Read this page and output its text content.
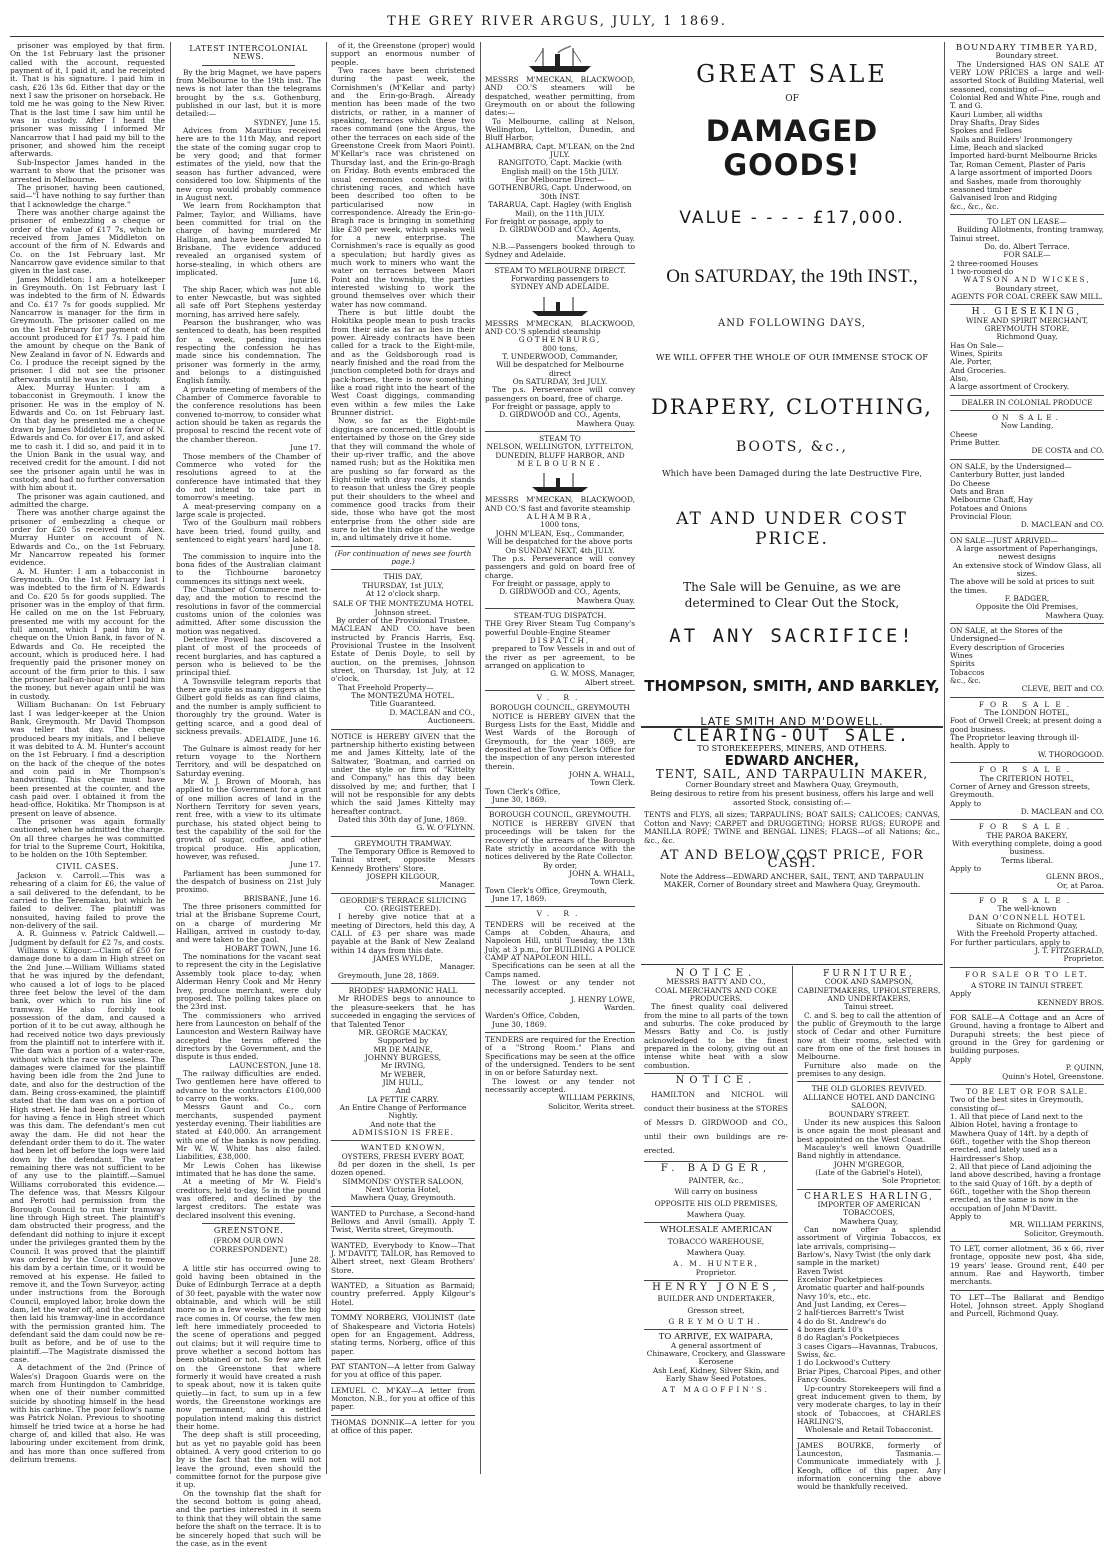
THE GREY RIVER ARGUS, JULY, 1 1869.

prisoner was employed by that firm. On the 1st February last the prisoner called with the account, requested payment of it, I paid it, and he receipted it. That is his signature. I paid him in cash, £26 13s 6d. Either that day or the next I saw the prisoner on horseback. He told me he was going to the New River. That is the last time I saw him until he was in custody. After I heard the prisoner was missing I informed Mr Nancarrow that I had paid my bill to the prisoner, and showed him the receipt afterwards.

Sub-Inspector James handed in the warrant to show that the prisoner was arrested in Melbourne.

The prisoner, having been cautioned, said—"I have nothing to say further than that I acknowledge the charge."

There was another charge against the prisoner of embezzling a cheque or order of the value of £17 7s, which he received from James Middleton on account of the firm of N. Edwards and Co. on the 1st February last. Mr Nancarrow gave evidence similar to that given in the last case.

James Middleton: I am a hotelkeeper in Greymouth. On 1st February last I was indebted to the firm of N. Edwards and Co. £17 7s for goods supplied. Mr Nancarrow is manager for the firm in Greymouth. The prisoner called on me on the 1st February for payment of the account produced for £17 7s. I paid him the amount by cheque on the Bank of New Zealand in favor of N. Edwards and Co. I produce the receipt signed by the prisoner. I did not see the prisoner afterwards until he was in custody.

Alex. Murray Hunter: I am a tobacconist in Greymouth. I know the prisoner. He was in the employ of N. Edwards and Co. on 1st February last. On that day he presented me a cheque drawn by James Middleton in favor of N. Edwards and Co. for over £17, and asked me to cash it. I did so, and paid it in to the Union Bank in the usual way, and received credit for the amount. I did not see the prisoner again until he was in custody, and had no further conversation with him about it.

The prisoner was again cautioned, and admitted the charge.

There was another charge against the prisoner of embezzling a cheque or order for £20 5s received from Alex. Murray Hunter on account of N. Edwards and Co., on the 1st February. Mr Nancarrow repeated his former evidence.

A. M. Hunter: I am a tobacconist in Greymouth. On the 1st February last I was indebted to the firm of N. Edwards and Co. £20 5s for goods supplied. The prisoner was in the employ of that firm. He called on me on the 1st February, presented me with my account for the full amount, which I paid him by a cheque on the Union Bank, in favor of N. Edwards and Co. He receipted the account, which is produced here. I had frequently paid the prisoner money on account of the firm prior to this. I saw the prisoner half-an-hour after I paid him the money, but never again until he was in custody.

William Buchanan: On 1st February last I was ledger-keeper at the Union Bank, Greymouth. Mr David Thompson was teller that day. The cheque produced bears my initials, and I believe it was debited to A. M. Hunter's account on the 1st February. I find a description on the back of the cheque of the notes and coin paid in Mr Thompson's handwriting. This cheque must have been presented at the counter, and the cash paid over. I obtained it from the head-office, Hokitika. Mr Thompson is at present on leave of absence.

The prisoner was again formally cautioned, when he admitted the charge. On all three charges he was committed for trial to the Supreme Court, Hokitika, to be holden on the 10th September.

CIVIL CASES.

Jackson v. Carroll.—This was a rehearing of a claim for £6, the value of a sail delivered to the defendant, to be carried to the Teremakau, but which he failed to deliver. The plaintiff was nonsuited, having failed to prove the non-delivery of the sail.

A. R. Guinness v. Patrick Caldwell.—Judgment by default for £2 7s, and costs.

Williams v. Kilgour.—Claim of £50 for damage done to a dam in High street on the 2nd June.—William Williams stated that he was injured by the defendant, who caused a lot of logs to be placed three feet below the level of the dam bank, over which to run his line of tramway. He also forcibly took possession of the dam, and caused a portion of it to be cut away, although he had received notice two days previously from the plaintiff not to interfere with it. The dam was a portion of a water-race, without which the race was useless. The damages were claimed for the plaintiff having been idle from the 2nd June to date, and also for the destruction of the dam. Being cross-examined, the plaintiff stated that the dam was on a portion of High street. He had been fined in Court for having a fence in High street which was this dam. The defendant's men cut away the dam. He did not hear the defendant order them to do it. The water had been let off before the logs were laid down by the defendant. The water remaining there was not sufficient to be of any use to the plaintiff.—Samuel Williams corroborated this evidence.—The defence was, that Messrs Kilgour and Perotti had permission from the Borough Council to run their tramway line through High street. The plaintiff's dam obstructed their progress, and the defendant did nothing to injure it except under the privileges granted them by the Council. It was proved that the plaintiff was ordered by the Council to remove his dam by a certain time, or it would be removed at his expense. He failed to remove it, and the Town Surveyor, acting under instructions from the Borough Council, employed labor, broke down the dam, let the water off, and the defendant then laid his tramway-line in accordance with the permission granted him. The defendant said the dam could now be re-built as before, and be of use to the plaintiff.—The Magistrate dismissed the case.

A detachment of the 2nd (Prince of Wales's) Dragoon Guards were on the march from Huntingdon to Cambridge, when one of their number committed suicide by shooting himself in the head with his carbine. The poor fellow's name was Patrick Nolan. Previous to shooting himself he tried twice at a horse he had charge of, and killed that also. He was labouring under excitement from drink, and has more than once suffered from delirium tremens.

LATEST INTERCOLONIAL NEWS.

By the brig Magnet, we have papers from Melbourne to the 19th inst. The news is not later than the telegrams brought by the s.s. Gothenburg, published in our last, but it is more detailed:—

SYDNEY, June 15.

Advices from Mauritius received here are to the 11th May, and report the state of the coming sugar crop to be very good; and that former estimates of the yield, now that the season has further advanced, were considered too low. Shipments of the new crop would probably commence in August next.

We learn from Rockhampton that Palmer, Taylor, and Williams, have been committed for trial on the charge of having murdered Mr Halligan, and have been forwarded to Brisbane. The evidence adduced revealed an organised system of horse-stealing, in which others are implicated.

June 16.

The ship Racer, which was not able to enter Newcastle, but was sighted all safe off Port Stephens yesterday morning, has arrived here safely.

Pearson the bushranger, who was sentenced to death, has been respited for a week, pending inquiries respecting the confession he has made since his condemnation. The prisoner was formerly in the army, and belongs to a distinguished English family.

A private meeting of members of the Chamber of Commerce favorable to the conference resolutions has been convened to-morrow, to consider what action should be taken as regards the proposal to rescind the recent vote of the chamber thereon.

June 17.

Those members of the Chamber of Commerce who voted for the resolutions agreed to at the conference have intimated that they do not intend to take part in tomorrow's meeting.

A meat-preserving company on a large scale is projected.

Two of the Goulburn mail robbers have been tried, found guilty, and sentenced to eight years' hard labor.

June 18.

The commission to inquire into the bona fides of the Australian claimant to the Tichbourne baronetcy commences its sittings next week.

The Chamber of Commerce met to-day, and the motion to rescind the resolutions in favor of the commercial customs union of the colonies was admitted. After some discussion the motion was negatived.

Detective Powell has discovered a plant of most of the proceeds of recent burglaries, and has captured a person who is believed to be the principal thief.

A Townsville telegram reports that there are quite as many diggers at the Gilbert gold fields as can find claims, and the number is amply sufficient to thoroughly try the ground. Water is getting scarce, and a good deal of sickness prevails.

ADELAIDE, June 16.

The Gulnare is almost ready for her return voyage to the Northern Territory, and will be despatched on Saturday evening.

Mr W. J. Brown of Moorah, has applied to the Government for a grant of one million acres of land in the Northern Territory for seven years, rent free, with a view to its ultimate purchase, his stated object being to test the capability of the soil for the growth of sugar, coffee, and other tropical produce. His application, however, was refused.

June 17.

Parliament has been summoned for the despatch of business on 21st July proximo.

BRISBANE, June 16.

The three prisoners committed for trial at the Brisbane Supreme Court, on a charge of murdering Mr Halligan, arrived in custody to-day, and were taken to the gaol.

HOBART TOWN, June 16.

The nominations for the vacant seat to represent the city in the Legislative Assembly took place to-day, when Alderman Henry Cook and Mr Henry Ivey, produce merchant, were duly proposed. The polling takes place on the 23rd inst.

The commissioners who arrived here from Launceston on behalf of the Launceston and Western Railway have accepted the terms offered the directors by the Government, and the dispute is thus ended.

LAUNCESTON, June 18.

The railway difficulties are ended. Two gentlemen here have offered to advance to the contractors £100,000 to carry on the works.

Messrs Gaunt and Co., corn merchants, suspended payment yesterday evening. Their liabilities are stated at £40,000. An arrangement with one of the banks is now pending. Mr W. W. White has also failed. Liabilities, £38,000.

Mr Lewis Cohen has likewise intimated that he has done the same.

At a meeting of Mr W. Field's creditors, held to-day, 5s in the pound was offered, and declined by the largest creditors. The estate was declared insolvent this evening.

GREENSTONE.
(FROM OUR OWN CORRESPONDENT.)
June 28.

A little stir has occurred owing to gold having been obtained in the Duke of Edinburgh Terrace at a depth of 30 feet, payable with the water now obtainable, and which will be still more so in a few weeks when the big race comes in. Of course, the few men left here immediately proceeded to the scene of operations and pegged out claims; but it will require time to prove whether a second bottom has been obtained or not. So few are left on the Greenstone that where formerly it would have created a rush to speak about, now it is taken quite quietly—in fact, to sum up in a few words, the Greenstone workings are now permanent, and a settled population intend making this district their home.

The deep shaft is still proceeding, but as yet no payable gold has been obtained. A very good criterion to go by is the fact that the men will not leave the ground, even should the committee fornot for the purpose give it up.

On the township flat the shaft for the second bottom is going ahead, and the parties interested in it seem to think that they will obtain the same before the shaft on the terrace. It is to be sincerely hoped that such will be the case, as in the event

of it, the Greenstone (proper) would support an enormous number of people.

Two races have been christened during the past week, the Cornishmen's (M'Kellar and party) and the Erin-go-Bragh. Already mention has been made of the two districts, or rather, in a manner of speaking, terraces which these two races command (one the Argus, the other the terraces on each side of the Greenstone Creek from Maori Point). M'Kellar's race was christened on Thursday last, and the Erin-go-Bragh on Friday. Both events embraced the usual ceremonies connected with christening races, and which have been described too often to be particularised now in correspondence. Already the Erin-go-Bragh race is bringing in something like £30 per week, which speaks well for a new enterprise. The Cornishmen's race is equally as good a speculation; but hardly gives as much work to miners who want the water on terraces between Maori Point and the township, the parties interested wishing to work the ground themselves over which their water has now command.

There is but little doubt the Hokitika people mean to push tracks from their side as far as lies in their power. Already contracts have been called for a track to the Eight-mile, and as the Goldsborough road is nearly finished and the road from the junction completed both for drays and pack-horses, there is now something like a road right into the heart of the West Coast diggings, commanding even within a few miles the Lake Brunner district.

Now, so far as the Eight-mile diggings are concerned, little doubt is entertained by those on the Grey side that they will command the whole of their up-river traffic, and the above named rush; but as the Hokitika men are pushing so far forward as the Eight-mile with dray roads, it stands to reason that unless the Grey people put their shoulders to the wheel and commence good tracks from their side, those who have got the most enterprise from the other side are sure to let the thin edge of the wedge in, and ultimately drive it home.

(For continuation of news see fourth page.)
THIS DAY,
THURSDAY, 1st JULY,
At 12 o'clock sharp.
SALE OF THE MONTEZUMA HOTEL
Johnson street.
By order of the Provisional Trustee.

MACLEAN AND CO. have been instructed by Francis Harris, Esq. Provisional Trustee in the Insolvent Estate of Denis Doyle, to sell by auction, on the premises, Johnson street, on Thursday, 1st July, at 12 o'clock,

That Freehold Property—

The MONTEZUMA HOTEL.
Title Guaranteed.
D. MACLEAN and CO.,
Auctioneers.

NOTICE is HEREBY GIVEN that the partnership hitherto existing between me and James Kittelty, late of the Saltwater, 'Boatman, and carried on under the style or firm of "Kittelty and Company," has this day been dissolved by me; and further, that I will not be responsible for any debts which the said James Kittelty may hereafter contract.

Dated this 30th day of June, 1869.

G. W. O'FLYNN.
GREYMOUTH TRAMWAY.

The Temporary Office is Removed to Tainui street, opposite Messrs Kennedy Brothers' Store.

JOSEPH KILGOUR,
Manager.
GEORDIE'S TERRACE SLUICING
CO. (REGISTERED).

I hereby give notice that at a meeting of Directors, held this day, A CALL of £3 per share was made payable at the Bank of New Zealand within 14 days from this date.

JAMES WYLDE,
Manager.

Greymouth, June 28, 1869.

RHODES' HARMONIC HALL

Mr RHODES begs to announce to the pleasure-seekers that he has succeeded in engaging the services of that Talented Tenor

MR. GEORGE MACKAY,
Supported by
MR DE MAINE,
JOHNNY BURGESS,
Mr IRVING,
Mr WEBER,
JIM HULL,
And
LA PETTIE CARRY.
An Entire Change of Performance Nightly.
And note that the
ADMISSION IS FREE.
WANTED KNOWN,
OYSTERS, FRESH EVERY BOAT,

8d per dozen in the shell, 1s per dozen opened.

SIMMONDS' OYSTER SALOON,
Next Victoria Hotel,
Mawhera Quay, Greymouth.

WANTED to Purchase, a Second-hand Bellows and Anvil (small). Apply T. Twist, Werita street, Greymouth.

WANTED, Everybody to Know—That J. M'DAVITT, TAILOR, has Removed to Albert street, next Gleam Brothers' Store.

WANTED, a Situation as Barmaid; country preferred. Apply Kilgour's Hotel.

TOMMY NORBERG, VIOLINIST (late of Shakespeare and Victoria Hotels) open for an Engagement. Address, stating terms, Norberg, office of this paper.

PAT STANTON—A letter from Galway for you at office of this paper.

LEMUEL C. M'KAY—A letter from Moncton, N.B., for you at office of this paper.

THOMAS DONNIK—A letter for you at office of this paper.

MESSRS M'MECKAN, BLACKWOOD, AND CO.'S steamers will be despatched, weather permitting, from Greymouth on or about the following dates:—

To Melbourne, calling at Nelson, Wellington, Lyttelton, Dunedin, and Bluff Harbor,

ALHAMBRA, Capt. M'LEAN, on the 2nd JULY.
RANGITOTO, Capt. Mackie (with English mail) on the 15th JULY.
For Melbourne Direct—
GOTHENBURG, Capt. Underwood, on 30th INST.
TARARUA, Capt. Hagley (with English Mail), on the 11th JULY.

For freight or passage, apply to

D. GIRDWOOD and CO., Agents,
Mawhera Quay.

N.B.—Passengers booked through to Sydney and Adelaide.

STEAM TO MELBOURNE DIRECT.
Forwarding passengers to
SYDNEY AND ADELAIDE.

MESSRS M'MECKAN, BLACKWOOD, AND CO.'S splendid steamship

GOTHENBURG,
800 tons,
T. UNDERWOOD, Commander,
Will be despatched for Melbourne direct
On SATURDAY, 3rd JULY.

The p.s. Perseverance will convey passengers on board, free of charge.

For freight or passage, apply to

D. GIRDWOOD and CO., Agents,
Mawhera Quay.
STEAM TO
NELSON, WELLINGTON, LYTTELTON, DUNEDIN, BLUFF HARBOR, AND
MELBOURNE.

MESSRS M'MECKAN, BLACKWOOD, AND CO.'S fast and favorite steamship

ALHAMBRA,
1000 tons,
JOHN M'LEAN, Esq., Commander,
Will be despatched for the above ports
On SUNDAY NEXT, 4th JULY.

The p.s. Perseverance will convey passengers and gold on board free of charge.

For freight or passage, apply to

D. GIRDWOOD and CO., Agents,
Mawhera Quay.
STEAM-TUG DISPATCH.

THE Grey River Steam Tug Company's powerful Double-Engine Steamer

DISPATCH,

prepared to Tow Vessels in and out of the river as per agreement, to be arranged on application to

G. W. MOSS, Manager,
Albert street.
V. R.
BOROUGH COUNCIL, GREYMOUTH

NOTICE is HEREBY GIVEN that the Burgess Lists for the East, Middle and West Wards of the Borough of Greymouth, for the year 1869, are deposited at the Town Clerk's Office for the inspection of any person interested therein.

JOHN A. WHALL,
Town Clerk.

Town Clerk's Office,

June 30, 1869.

BOROUGH COUNCIL, GREYMOUTH.

NOTICE is HEREBY GIVEN that proceedings will be taken for the recovery of the arrears of the Borough Rate strictly in accordance with the notices delivered by the Rate Collector.

By order,
JOHN A. WHALL,
Town Clerk.

Town Clerk's Office, Greymouth,

June 17, 1869.

V. R.

TENDERS will be received at the Camps at Cobden, Ahaura, and Napoleon Hill, until Tuesday, the 13th July, at 3 p.m., for BUILDING A POLICE CAMP AT NAPOLEON HILL.

Specifications can be seen at all the Camps named.

The lowest or any tender not necessarily accepted.

J. HENRY LOWE,
Warden.

Warden's Office, Cobden,

June 30, 1869.

TENDERS are required for the Erection of a "Strong Room." Plans and Specifications may be seen at the office of the undersigned. Tenders to be sent in on or before Saturday next.

The lowest or any tender not necessarily accepted.

WILLIAM PERKINS,
Solicitor, Werita street.
GREAT SALE
OF
DAMAGED GOODS!
VALUE - - - - £17,000.
On SATURDAY, the 19th INST.,
AND FOLLOWING DAYS,
WE WILL OFFER THE WHOLE OF OUR IMMENSE STOCK OF
DRAPERY, CLOTHING,
BOOTS, &c.,
Which have been Damaged during the late Destructive Fire,
AT AND UNDER COST PRICE.
The Sale will be Genuine, as we are determined to Clear Out the Stock,
AT ANY SACRIFICE!
THOMPSON, SMITH, AND BARKLEY,
LATE SMITH AND M'DOWELL.
CLEARING-OUT SALE.
TO STOREKEEPERS, MINERS, AND OTHERS.
EDWARD ANCHER,
TENT, SAIL, AND TARPAULIN MAKER,
Corner Boundary street and Mawhera Quay, Greymouth,
Being desirous to retire from his present business, offers his large and well assorted Stock, consisting of:—

TENTS and FLYS, all sizes; TARPAULINS; BOAT SAILS; CALICOES; CANVAS, Cotton and Navy; CARPET and DRUGGETING; HORSE RUGS; EUROPE and MANILLA ROPE; TWINE and BENGAL LINES; FLAGS—of all Nations; &c., &c., &c.

AT AND BELOW COST PRICE, FOR CASH.
Note the Address—EDWARD ANCHER, SAIL, TENT, AND TARPAULIN MAKER, Corner of Boundary street and Mawhera Quay, Greymouth.
NOTICE.
MESSRS BATTY AND CO.,
COAL MERCHANTS AND COKE
PRODUCERS.

The finest quality coal delivered from the mine to all parts of the town and suburbs. The coke produced by Messrs Batty and Co. is justly acknowledged to be the finest prepared in the colony, giving out an intense white heat with a slow combustion.

NOTICE.

HAMILTON and NICHOL will conduct their business at the STORES of Messrs D. GIRDWOOD and CO., until their own buildings are re-erected.

F. BADGER,
PAINTER, &c.,
Will carry on business
OPPOSITE HIS OLD PREMISES,
Mawhera Quay.
WHOLESALE AMERICAN
TOBACCO WAREHOUSE,
Mawhera Quay.
A. M. HUNTER,
Proprietor.
HENRY JONES,
BUILDER AND UNDERTAKER,
Gresson street,
GREYMOUTH.
TO ARRIVE, EX WAIPARA,
A general assortment of
Chinaware, Crockery, and Glassware
Kerosene
Ash Leaf, Kidney, Silver Skin, and Early Shaw Seed Potatoes.
AT MAGOFFIN'S.
FURNITURE,
COOK AND SAMPSON,
CABINETMAKERS, UPHOLSTERERS,
AND UNDERTAKERS,
Tainui street.

C. and S. beg to call the attention of the public of Greymouth to the large stock of Cedar and other Furniture now at their rooms, selected with care from one of the first houses in Melbourne.

Furniture also made on the premises to any design.

THE OLD GLORIES REVIVED.
ALLIANCE HOTEL AND DANCING
SALOON,
BOUNDARY STREET.

Under its new auspices this Saloon is once again the most pleasant and best appointed on the West Coast.

Macauley's well known Quadrille Band nightly in attendance.

JOHN M'GREGOR,
(Late of the Gabriel's Hotel),
Sole Proprietor.
CHARLES HARLING,
IMPORTER OF AMERICAN TOBACCOES,
Mawhera Quay,

Can now offer a splendid assortment of Virginia Tobaccos, ex late arrivals, comprising—

Barlow's, Navy Twist (the only dark sample in the market)
Raven Twist
Excelsior Pocketpieces
Aromatic quarter and half-pounds
Navy 10's, etc., etc.
And Just Landing, ex Ceres—
2 half-tierces Barrett's Twist
4 do do St. Andrew's do
4 boxes dark 10's
8 do Raglan's Pocketpieces
3 cases Cigars—Havannas, Trabucos, Swiss, &c.
1 do Lockwood's Cuttery
Briar Pipes, Charcoal Pipes, and other Fancy Goods.

Up-country Storekeepers will find a great inducement given to them, by very moderate charges, to lay in their stock of Tobaccoes, at CHARLES HARLING'S,

Wholesale and Retail Tobacconist.

JAMES BOURKE, formerly of Launceston, Tasmania.—Communicate immediately with J. Keogh, office of this paper. Any information concerning the above would be thankfully received.

BOUNDARY TIMBER YARD,
Boundary street.

The Undersigned HAS ON SALE AT VERY LOW PRICES a large and well-assorted Stock of Building Material, well seasoned, consisting of—

Colonial Red and White Pine, rough and T. and G.
Kauri Lumber, all widths
Dray Shafts, Dray Sides
Spokes and Felloes
Nails and Builders' Ironmongery
Lime, Beach and slacked
Imported hard-burnt Melbourne Bricks
Tar, Roman Cement, Plaster of Paris
A large assortment of imported Doors and Sashes, made from thoroughly seasoned timber
Galvanised Iron and Ridging
&c., &c., &c.
TO LET ON LEASE—

Building Allotments, fronting tramway, Tainui street.

Do. do. Albert Terrace.
FOR SALE—
2 three-roomed Houses
1 two-roomed do
WATSON AND WICKES,
Boundary street,
AGENTS FOR COAL CREEK SAW MILL.
H. GIESEKING,
WINE AND SPIRIT MERCHANT,
GREYMOUTH STORE,
Richmond Quay,
Has On Sale—
Wines, Spirits
Ale, Porter,
And Groceries.
Also,
A large assortment of Crockery.
DEALER IN COLONIAL PRODUCE
ON SALE.
Now Landing,
Cheese
Prime Butter.
DE COSTA and CO.
ON SALE, by the Undersigned—
Canterbury Butter, just landed
Do Cheese
Oats and Bran
Melbourne Chaff, Hay
Potatoes and Onions
Provincial Flour.
D. MACLEAN and CO.
ON SALE—JUST ARRIVED—
A large assortment of Paperhangings, newest designs
An extensive stock of Window Glass, all sizes.
The above will be sold at prices to suit the times.
F. BADGER,
Opposite the Old Premises,
Mawhera Quay.
ON SALE, at the Stores of the Undersigned—
Every description of Groceries
Wines
Spirits
Tobaccos
&c., &c.
CLEVE, BEIT and CO.
FOR SALE.
The LONDON HOTEL,
Foot of Orwell Creek; at present doing a good business.
The Proprietor leaving through ill-health. Apply to
W. THOROGOOD.
FOR SALE.
The CRITERION HOTEL,
Corner of Arney and Gresson streets, Greymouth.
Apply to
D. MACLEAN and CO.
FOR SALE.
THE PAROA BAKERY,
With everything complete, doing a good business.
Terms liberal.
Apply to
GLENN BROS.,
Or, at Paroa.
FOR SALE.
The well-known
DAN O'CONNELL HOTEL
Situate on Richmond Quay,
With the Freehold Property attached.
For further particulars, apply to
J. T. FITZGERALD,
Proprietor.
FOR SALE OR TO LET.
A STORE IN TAINUI STREET.
Apply
KENNEDY BROS.

FOR SALE—A Cottage and an Acre of Ground, having a frontage to Albert and Durapuhi streets; the best piece of ground in the Grey for gardening or building purposes.

Apply
P. QUINN,
Quinn's Hotel, Greenstone.
TO BE LET OR FOR SALE.
Two of the best sites in Greymouth, consisting of—
1. All that piece of Land next to the Albion Hotel, having a frontage to Mawhera Quay of 14ft. by a depth of 66ft., together with the Shop thereon erected, and lately used as a Hairdresser's Shop.
2. All that piece of Land adjoining the land above described, having a frontage to the said Quay of 16ft. by a depth of 66ft., together with the Shop thereon erected, as the same is now in the occupation of John M'Davitt.
Apply to
MR. WILLIAM PERKINS,
Solicitor, Greymouth.

TO LET, corner allotment, 36 x 66, river frontage, opposite new post, 4ha side, 19 years' lease. Ground rent, £40 per annum. Rae and Hayworth, timber merchants.

TO LET—The Ballarat and Bendigo Hotel, Johnson street. Apply Shogland and Purcell, Richmond Quay.
